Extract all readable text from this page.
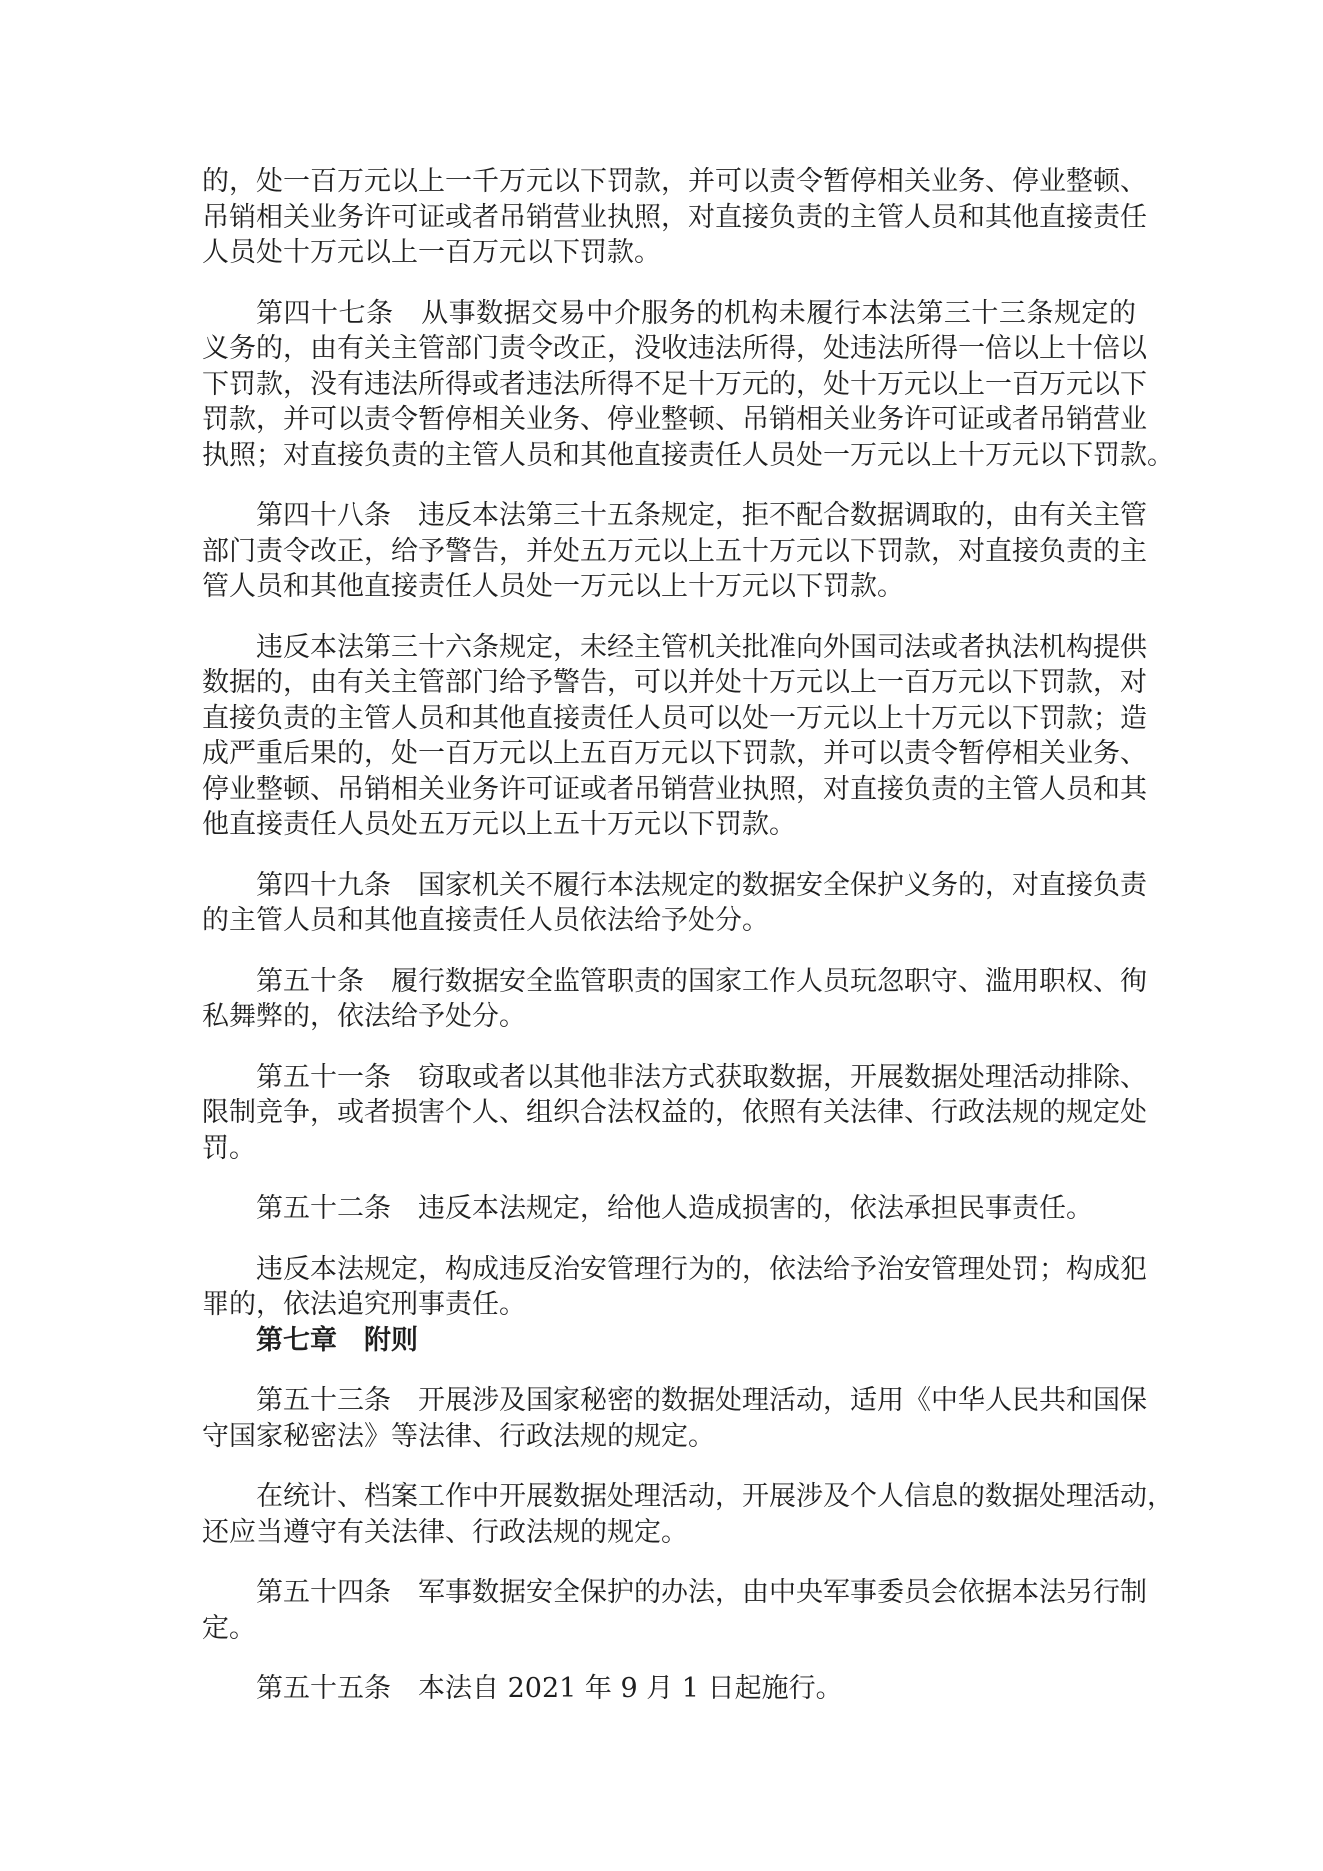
的，处一百万元以上一千万元以下罚款，并可以责令暂停相关业务、停业整顿、
吊销相关业务许可证或者吊销营业执照，对直接负责的主管人员和其他直接责任
人员处十万元以上一百万元以下罚款。
第四十七条　从事数据交易中介服务的机构未履行本法第三十三条规定的
义务的，由有关主管部门责令改正，没收违法所得，处违法所得一倍以上十倍以
下罚款，没有违法所得或者违法所得不足十万元的，处十万元以上一百万元以下
罚款，并可以责令暂停相关业务、停业整顿、吊销相关业务许可证或者吊销营业
执照；对直接负责的主管人员和其他直接责任人员处一万元以上十万元以下罚款。
第四十八条　违反本法第三十五条规定，拒不配合数据调取的，由有关主管
部门责令改正，给予警告，并处五万元以上五十万元以下罚款，对直接负责的主
管人员和其他直接责任人员处一万元以上十万元以下罚款。
违反本法第三十六条规定，未经主管机关批准向外国司法或者执法机构提供
数据的，由有关主管部门给予警告，可以并处十万元以上一百万元以下罚款，对
直接负责的主管人员和其他直接责任人员可以处一万元以上十万元以下罚款；造
成严重后果的，处一百万元以上五百万元以下罚款，并可以责令暂停相关业务、
停业整顿、吊销相关业务许可证或者吊销营业执照，对直接负责的主管人员和其
他直接责任人员处五万元以上五十万元以下罚款。
第四十九条　国家机关不履行本法规定的数据安全保护义务的，对直接负责
的主管人员和其他直接责任人员依法给予处分。
第五十条　履行数据安全监管职责的国家工作人员玩忽职守、滥用职权、徇
私舞弊的，依法给予处分。
第五十一条　窃取或者以其他非法方式获取数据，开展数据处理活动排除、
限制竞争，或者损害个人、组织合法权益的，依照有关法律、行政法规的规定处
罚。
第五十二条　违反本法规定，给他人造成损害的，依法承担民事责任。
违反本法规定，构成违反治安管理行为的，依法给予治安管理处罚；构成犯
罪的，依法追究刑事责任。
第七章　附则
第五十三条　开展涉及国家秘密的数据处理活动，适用《中华人民共和国保
守国家秘密法》等法律、行政法规的规定。
在统计、档案工作中开展数据处理活动，开展涉及个人信息的数据处理活动，
还应当遵守有关法律、行政法规的规定。
第五十四条　军事数据安全保护的办法，由中央军事委员会依据本法另行制
定。
第五十五条　本法自 2021 年 9 月 1 日起施行。
